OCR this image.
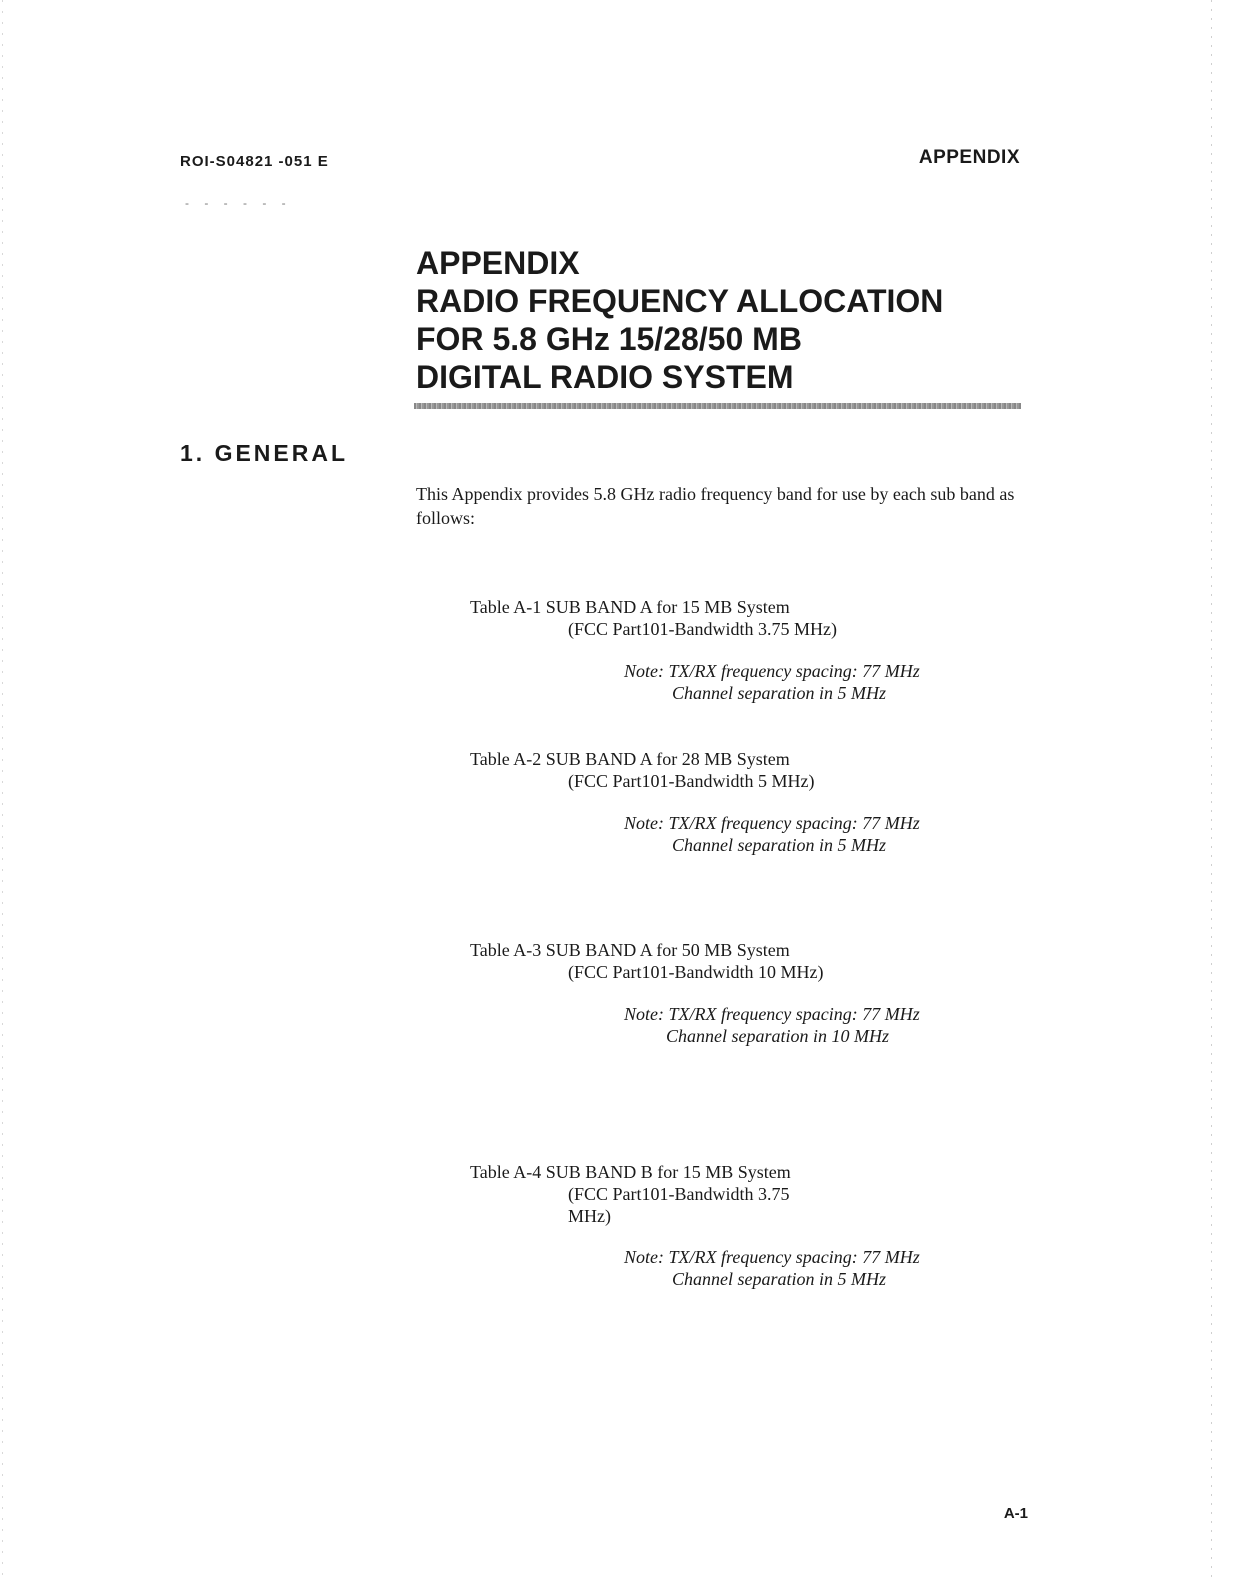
ROI-S04821 -051 E	APPENDIX
- - - - - -
APPENDIX
RADIO FREQUENCY ALLOCATION
FOR 5.8 GHz 15/28/50 MB
DIGITAL RADIO SYSTEM
1. GENERAL
This Appendix provides 5.8 GHz radio frequency band for use by each sub band as follows:
Table A-1 SUB BAND A for 15 MB System
(FCC Part101-Bandwidth 3.75 MHz)
Note: TX/RX frequency spacing: 77 MHz
Channel separation in 5 MHz
Table A-2 SUB BAND A for 28 MB System
(FCC Part101-Bandwidth 5 MHz)
Note: TX/RX frequency spacing: 77 MHz
Channel separation in 5 MHz
Table A-3 SUB BAND A for 50 MB System
(FCC Part101-Bandwidth 10 MHz)
Note: TX/RX frequency spacing: 77 MHz
Channel separation in 10 MHz
Table A-4 SUB BAND B for 15 MB System
(FCC Part101-Bandwidth 3.75 MHz)
Note: TX/RX frequency spacing: 77 MHz
Channel separation in 5 MHz
A-1
